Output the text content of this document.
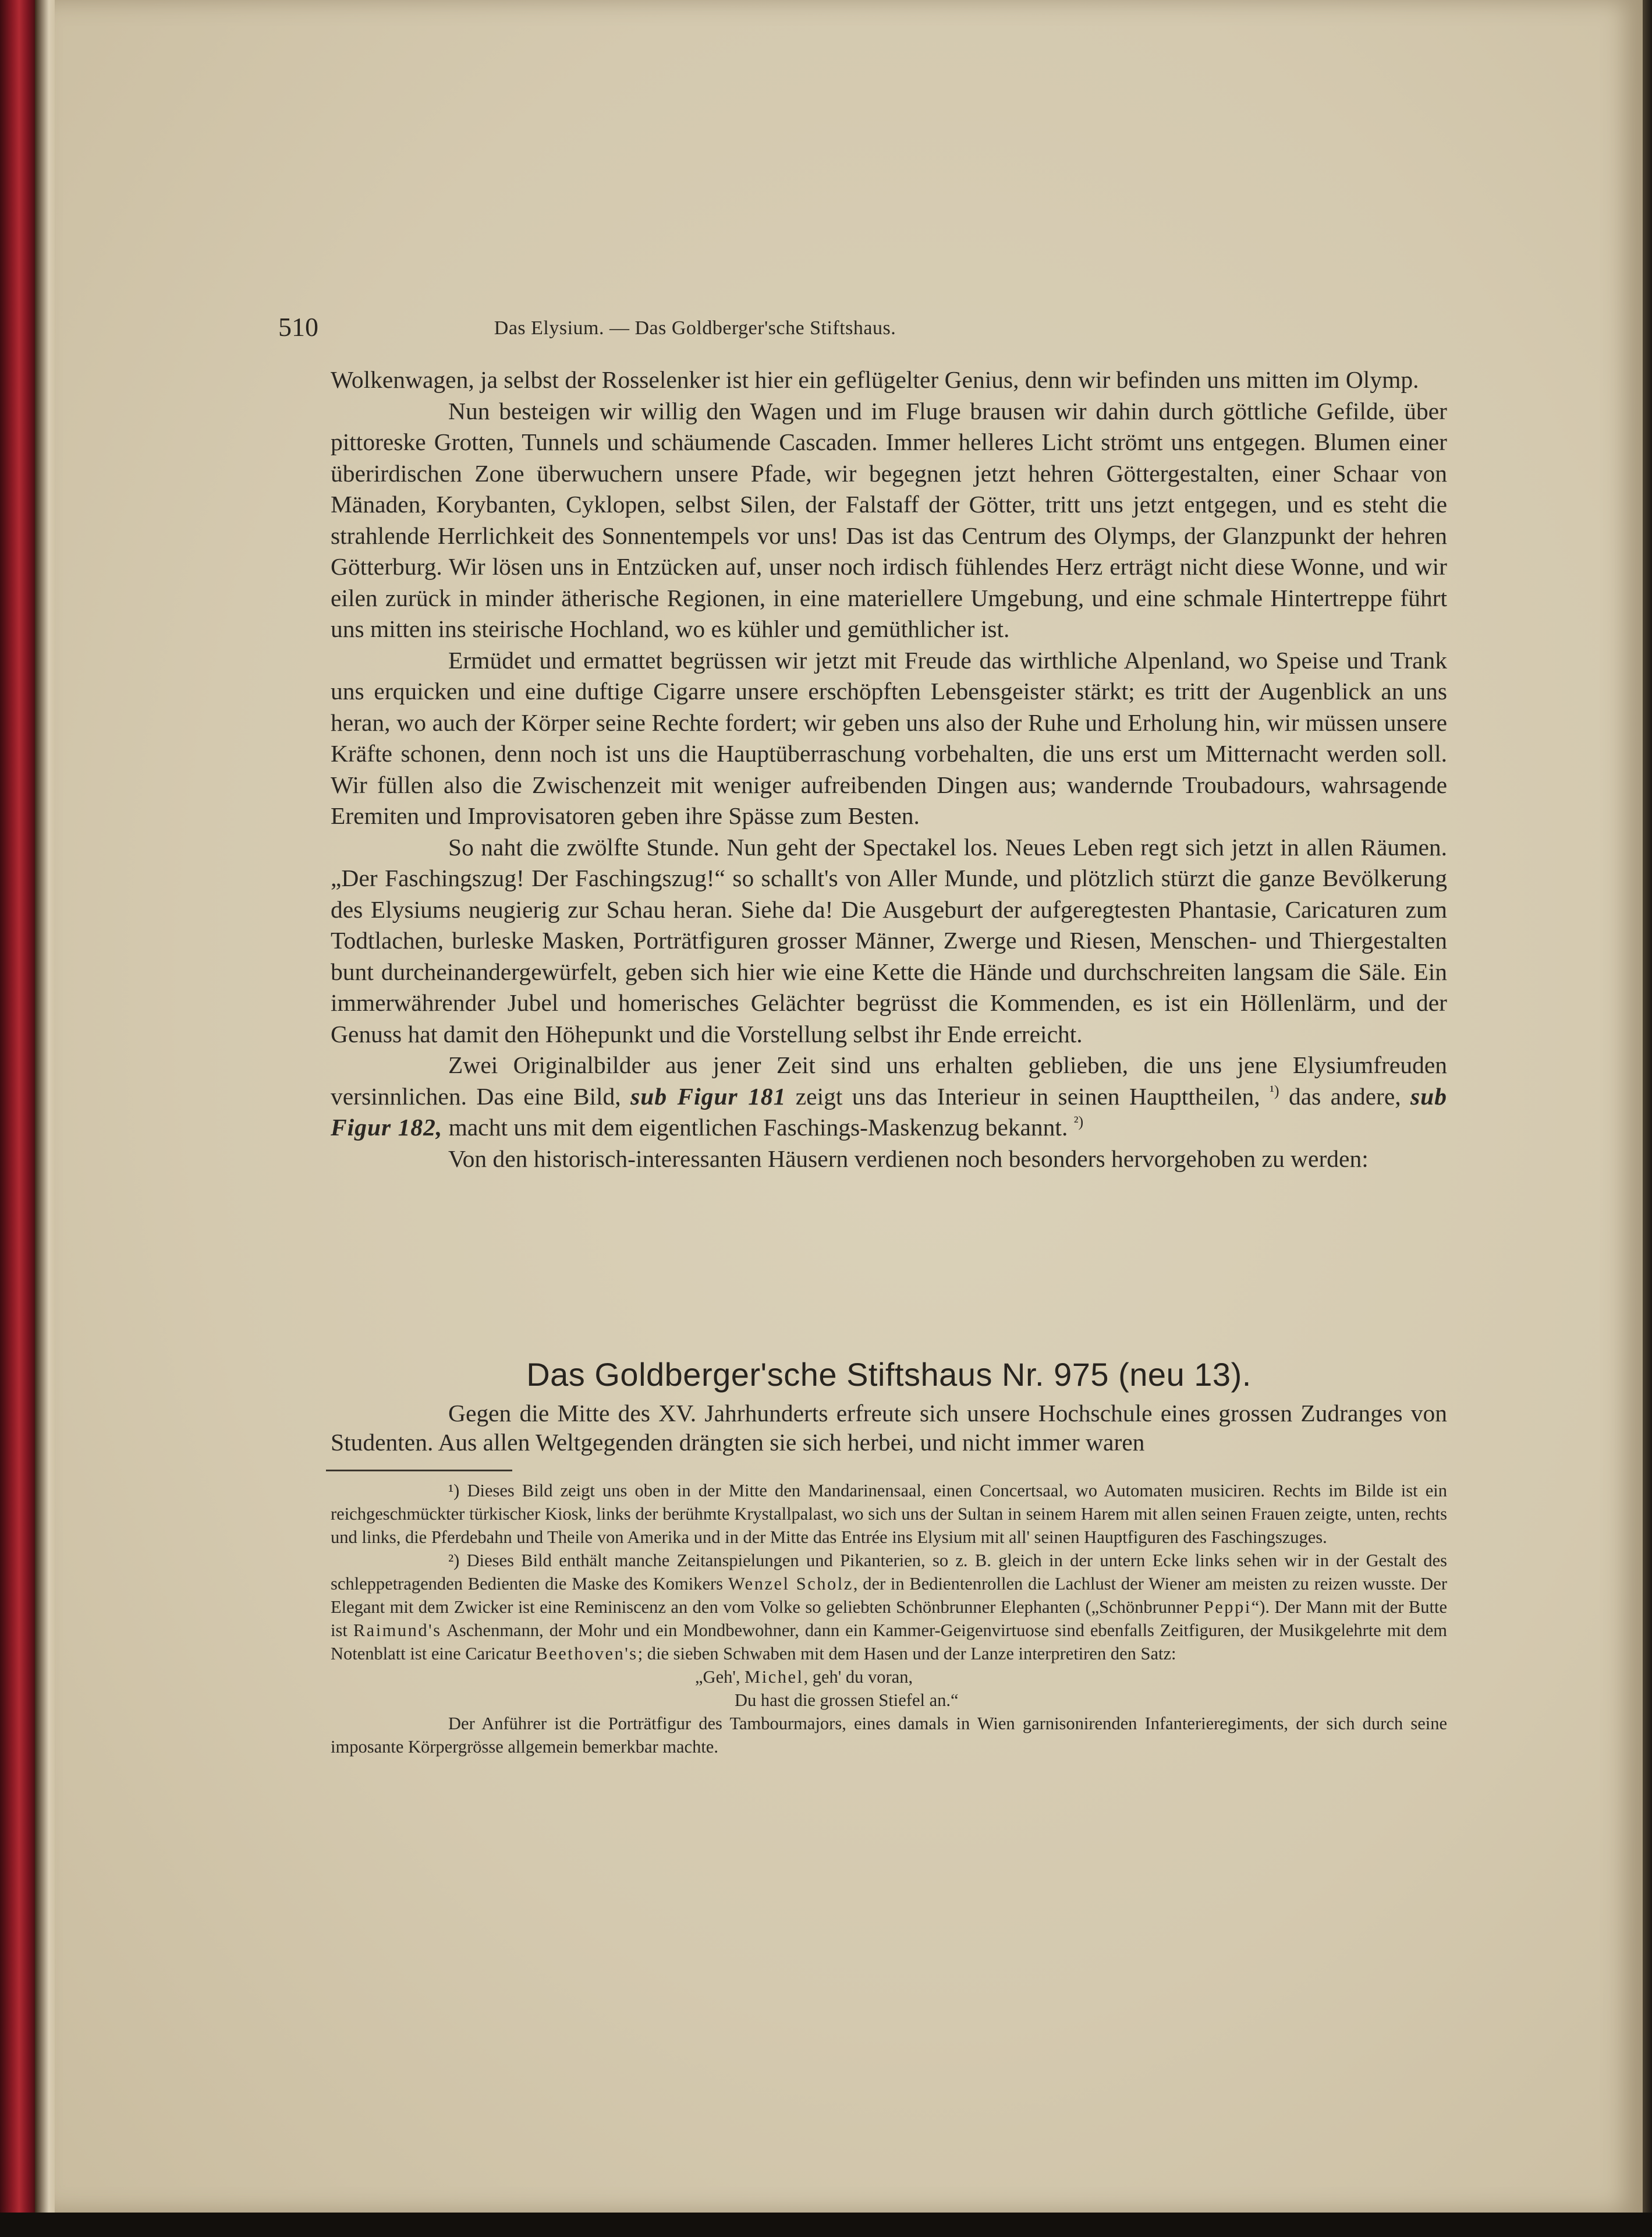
510	Das Elysium. — Das Goldberger'sche Stiftshaus.

Wolkenwagen, ja selbst der Rosselenker ist hier ein geflügelter Genius, denn wir befinden uns mitten im Olymp.

Nun besteigen wir willig den Wagen und im Fluge brausen wir dahin durch göttliche Gefilde, über pittoreske Grotten, Tunnels und schäumende Cascaden. Immer helleres Licht strömt uns entgegen. Blumen einer überirdischen Zone überwuchern unsere Pfade, wir begegnen jetzt hehren Göttergestalten, einer Schaar von Mänaden, Korybanten, Cyklopen, selbst Silen, der Falstaff der Götter, tritt uns jetzt entgegen, und es steht die strahlende Herrlichkeit des Sonnentempels vor uns! Das ist das Centrum des Olymps, der Glanzpunkt der hehren Götterburg. Wir lösen uns in Entzücken auf, unser noch irdisch fühlendes Herz erträgt nicht diese Wonne, und wir eilen zurück in minder ätherische Regionen, in eine materiellere Umgebung, und eine schmale Hintertreppe führt uns mitten ins steirische Hochland, wo es kühler und gemüthlicher ist.

Ermüdet und ermattet begrüssen wir jetzt mit Freude das wirthliche Alpenland, wo Speise und Trank uns erquicken und eine duftige Cigarre unsere erschöpften Lebensgeister stärkt; es tritt der Augenblick an uns heran, wo auch der Körper seine Rechte fordert; wir geben uns also der Ruhe und Erholung hin, wir müssen unsere Kräfte schonen, denn noch ist uns die Hauptüberraschung vorbehalten, die uns erst um Mitternacht werden soll. Wir füllen also die Zwischenzeit mit weniger aufreibenden Dingen aus; wandernde Troubadours, wahrsagende Eremiten und Improvisatoren geben ihre Spässe zum Besten.

So naht die zwölfte Stunde. Nun geht der Spectakel los. Neues Leben regt sich jetzt in allen Räumen. „Der Faschingszug! Der Faschingszug!“ so schallt's von Aller Munde, und plötzlich stürzt die ganze Bevölkerung des Elysiums neugierig zur Schau heran. Siehe da! Die Ausgeburt der aufgeregtesten Phantasie, Caricaturen zum Todtlachen, burleske Masken, Porträtfiguren grosser Männer, Zwerge und Riesen, Menschen- und Thiergestalten bunt durcheinandergewürfelt, geben sich hier wie eine Kette die Hände und durchschreiten langsam die Säle. Ein immerwährender Jubel und homerisches Gelächter begrüsst die Kommenden, es ist ein Höllenlärm, und der Genuss hat damit den Höhepunkt und die Vorstellung selbst ihr Ende erreicht.

Zwei Originalbilder aus jener Zeit sind uns erhalten geblieben, die uns jene Elysiumfreuden versinnlichen. Das eine Bild, sub Figur 181 zeigt uns das Interieur in seinen Haupttheilen, $^{^1)}$ das andere, sub Figur 182, macht uns mit dem eigentlichen Faschings-Maskenzug bekannt. $^{^2)}$

Von den historisch-interessanten Häusern verdienen noch besonders hervorgehoben zu werden:

Das Goldberger'sche Stiftshaus Nr. 975 (neu 13).

Gegen die Mitte des XV. Jahrhunderts erfreute sich unsere Hochschule eines grossen Zudranges von Studenten. Aus allen Weltgegenden drängten sie sich herbei, und nicht immer waren

¹) Dieses Bild zeigt uns oben in der Mitte den Mandarinensaal, einen Concertsaal, wo Automaten musiciren. Rechts im Bilde ist ein reichgeschmückter türkischer Kiosk, links der berühmte Krystallpalast, wo sich uns der Sultan in seinem Harem mit allen seinen Frauen zeigte, unten, rechts und links, die Pferdebahn und Theile von Amerika und in der Mitte das Entrée ins Elysium mit all' seinen Hauptfiguren des Faschingszuges.

²) Dieses Bild enthält manche Zeitanspielungen und Pikanterien, so z. B. gleich in der untern Ecke links sehen wir in der Gestalt des schleppetragenden Bedienten die Maske des Komikers Wenzel Scholz, der in Bedientenrollen die Lachlust der Wiener am meisten zu reizen wusste. Der Elegant mit dem Zwicker ist eine Reminiscenz an den vom Volke so geliebten Schönbrunner Elephanten („Schönbrunner Peppi“). Der Mann mit der Butte ist Raimund's Aschenmann, der Mohr und ein Mondbewohner, dann ein Kammer-Geigenvirtuose sind ebenfalls Zeitfiguren, der Musikgelehrte mit dem Notenblatt ist eine Caricatur Beethoven's; die sieben Schwaben mit dem Hasen und der Lanze interpretiren den Satz:

„Geh', Michel, geh' du voran,

Du hast die grossen Stiefel an.“

Der Anführer ist die Porträtfigur des Tambourmajors, eines damals in Wien garnisonirenden Infanterieregiments, der sich durch seine imposante Körpergrösse allgemein bemerkbar machte.
